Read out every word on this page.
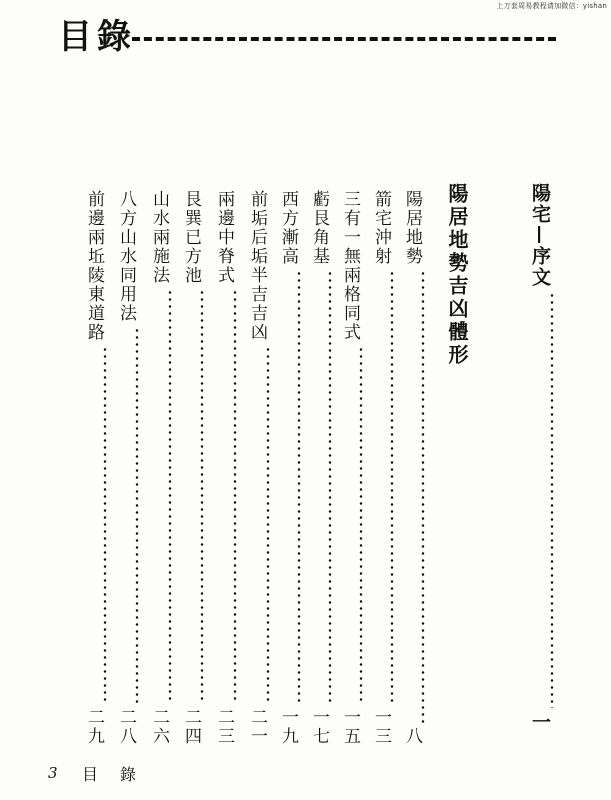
上万套周易教程请加微信：yishan
目錄
陽宅—序文
一
陽居地勢吉凶體形
陽居地勢
八
箭宅沖射
一三
三有一無兩格同式
一五
虧艮角基
一七
西方漸高
一九
前垢后垢半吉吉凶
二一
兩邊中脊式
二三
艮巽已方池
二四
山水兩施法
二六
八方山水同用法
二八
前邊兩坵陵東道路
二九
3 目錄
